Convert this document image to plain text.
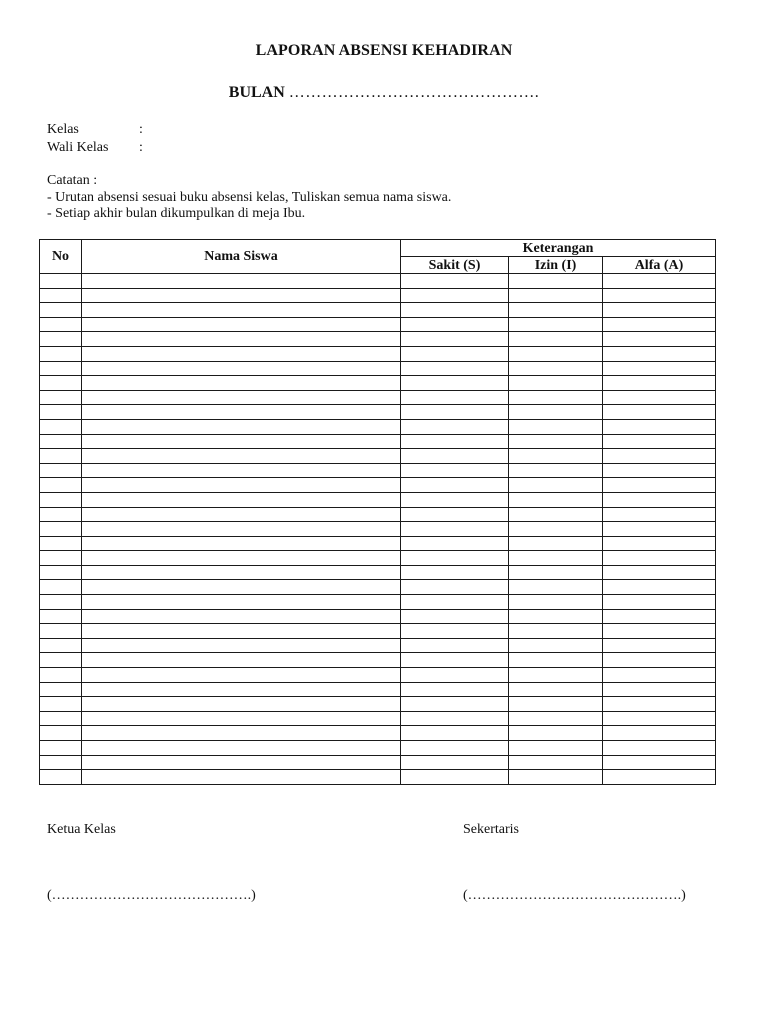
LAPORAN ABSENSI KEHADIRAN
BULAN ……………………………………….
Kelas	:
Wali Kelas :
Catatan :
- Urutan absensi sesuai buku absensi kelas, Tuliskan semua nama siswa.
- Setiap akhir bulan dikumpulkan di meja Ibu.
No	Nama Siswa	Keterangan		
		Sakit (S)	Izin (I)	Alfa (A)

Ketua Kelas
(…………………………………….)
Sekertaris
(……………………………………….)
